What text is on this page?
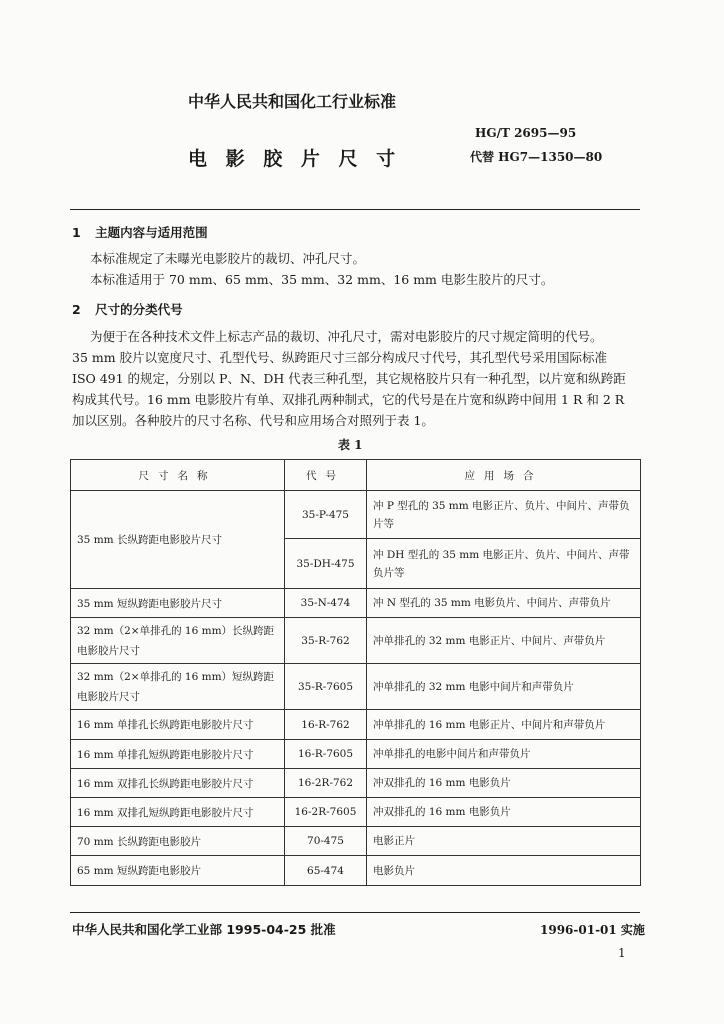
中华人民共和国化工行业标准
HG/T 2695—95
电 影 胶 片 尺 寸	代替 HG7—1350—80
1 主题内容与适用范围
本标准规定了未曝光电影胶片的裁切、冲孔尺寸。
本标准适用于 70 mm、65 mm、35 mm、32 mm、16 mm 电影生胶片的尺寸。
2 尺寸的分类代号
为便于在各种技术文件上标志产品的裁切、冲孔尺寸，需对电影胶片的尺寸规定简明的代号。
35 mm 胶片以宽度尺寸、孔型代号、纵跨距尺寸三部分构成尺寸代号，其孔型代号采用国际标准
ISO 491 的规定，分别以 P、N、DH 代表三种孔型，其它规格胶片只有一种孔型，以片宽和纵跨距
构成其代号。16 mm 电影胶片有单、双排孔两种制式，它的代号是在片宽和纵跨中间用 1 R 和 2 R
加以区别。各种胶片的尺寸名称、代号和应用场合对照列于表 1。
表 1
尺寸名称	代号	应用场合
35 mm 长纵跨距电影胶片尺寸	35-P-475	冲 P 型孔的 35 mm 电影正片、负片、中间片、声带负片等
	35-DH-475	冲 DH 型孔的 35 mm 电影正片、负片、中间片、声带负片等
35 mm 短纵跨距电影胶片尺寸	35-N-474	冲 N 型孔的 35 mm 电影负片、中间片、声带负片
32 mm（2×单排孔的 16 mm）长纵跨距电影胶片尺寸	35-R-762	冲单排孔的 32 mm 电影正片、中间片、声带负片
32 mm（2×单排孔的 16 mm）短纵跨距电影胶片尺寸	35-R-7605	冲单排孔的 32 mm 电影中间片和声带负片
16 mm 单排孔长纵跨距电影胶片尺寸	16-R-762	冲单排孔的 16 mm 电影正片、中间片和声带负片
16 mm 单排孔短纵跨距电影胶片尺寸	16-R-7605	冲单排孔的电影中间片和声带负片
16 mm 双排孔长纵跨距电影胶片尺寸	16-2R-762	冲双排孔的 16 mm 电影负片
16 mm 双排孔短纵跨距电影胶片尺寸	16-2R-7605	冲双排孔的 16 mm 电影负片
70 mm 长纵跨距电影胶片	70-475	电影正片
65 mm 短纵跨距电影胶片	65-474	电影负片
中华人民共和国化学工业部 1995-04-25 批准	1996-01-01 实施
1
